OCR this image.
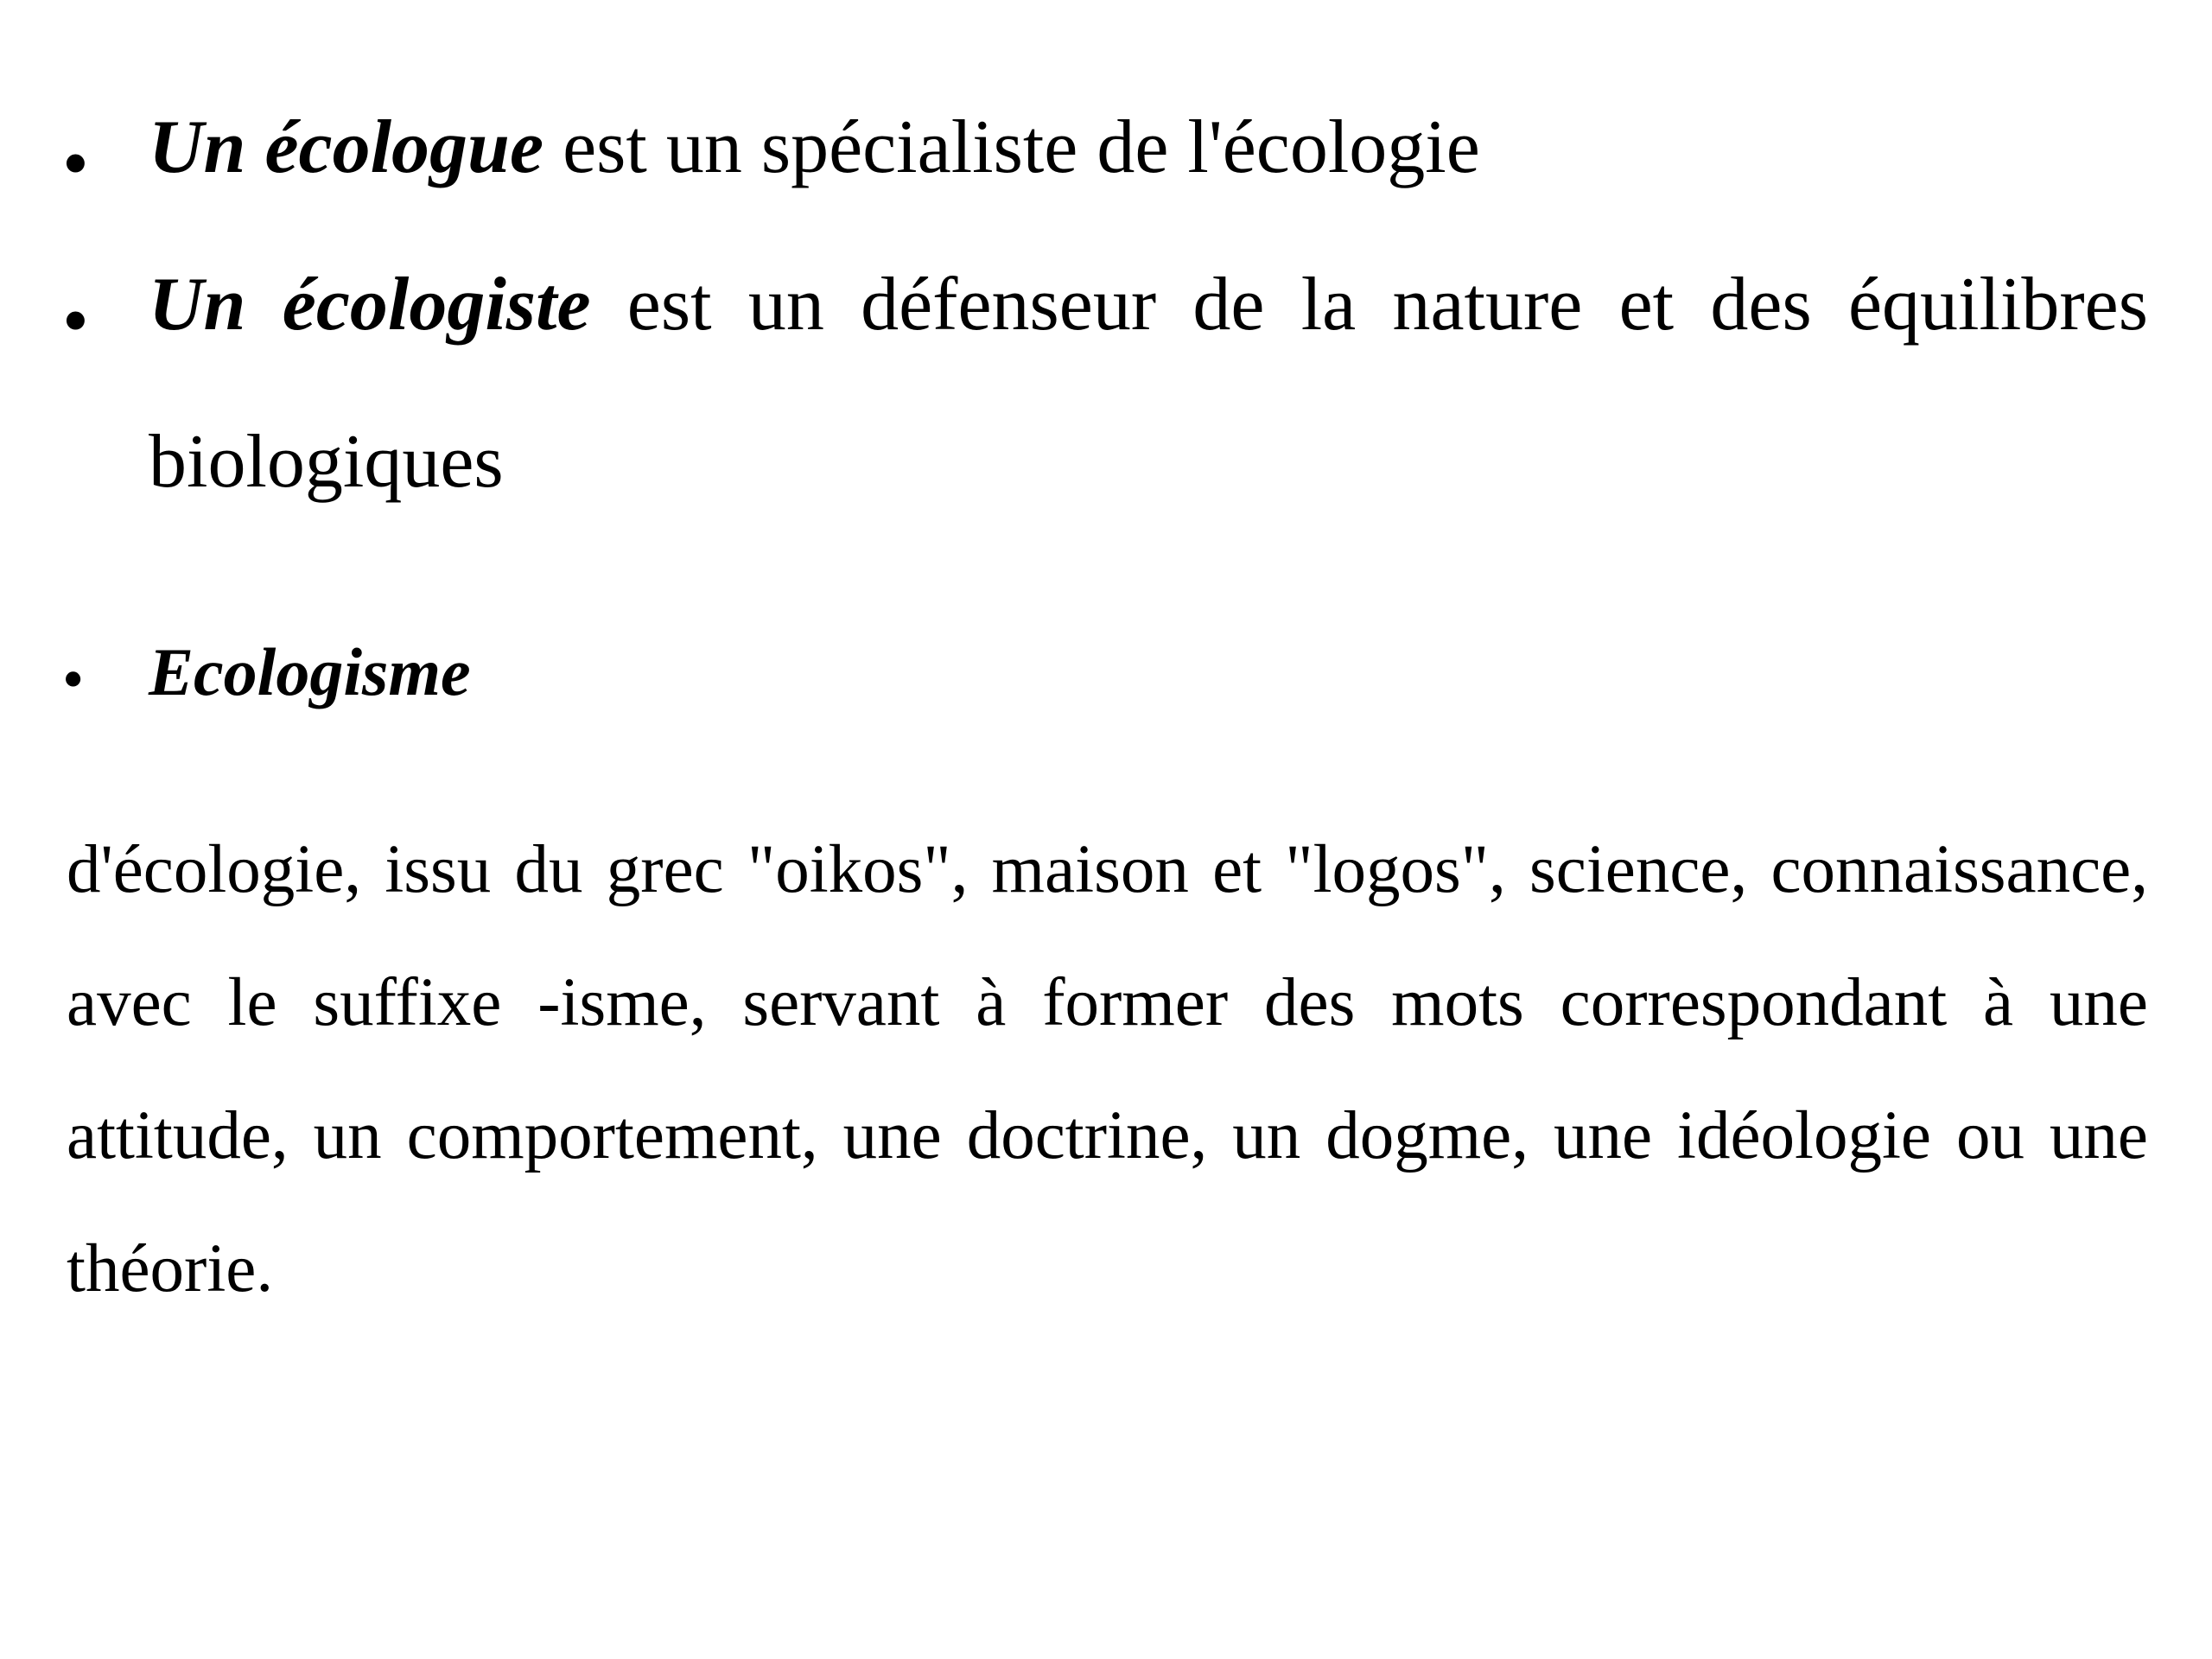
• Un écologue est un spécialiste de l'écologie
• Un écologiste est un défenseur de la nature et des équilibres biologiques
• Ecologisme
d'écologie, issu du grec "oikos", maison et "logos", science, connaissance, avec le suffixe -isme, servant à former des mots correspondant à une attitude, un comportement, une doctrine, un dogme, une idéologie ou une théorie.
